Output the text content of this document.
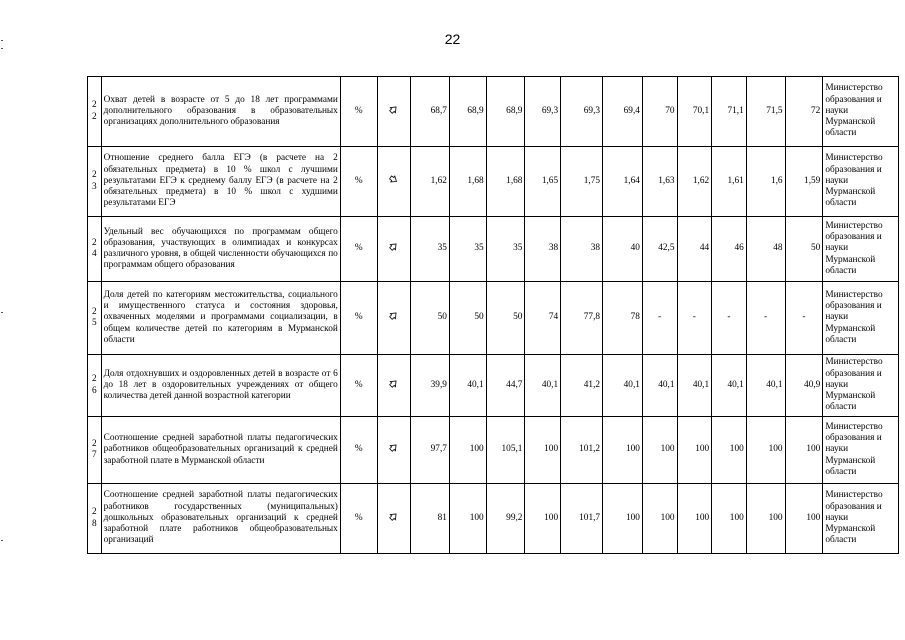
22
2 2	Охват детей в возрасте от 5 до 18 лет программами дополнительного образования в образовательных организациях дополнительного образования	%		68,7	68,9	68,9	69,3	69,3	69,4	70	70,1	71,1	71,5	72	Министерство образования и науки Мурманской области
2 3	Отношение среднего балла ЕГЭ (в расчете на 2 обязательных предмета) в 10 % школ с лучшими результатами ЕГЭ к среднему баллу ЕГЭ (в расчете на 2 обязательных предмета) в 10 % школ с худшими результатами ЕГЭ	%		1,62	1,68	1,68	1,65	1,75	1,64	1,63	1,62	1,61	1,6	1,59	Министерство образования и науки Мурманской области
2 4	Удельный вес обучающихся по программам общего образования, участвующих в олимпиадах и конкурсах различного уровня, в общей численности обучающихся по программам общего образования	%		35	35	35	38	38	40	42,5	44	46	48	50	Министерство образования и науки Мурманской области
2 5	Доля детей по категориям местожительства, социального и имущественного статуса и состояния здоровья, охваченных моделями и программами социализации, в общем количестве детей по категориям в Мурманской области	%		50	50	50	74	77,8	78	-	-	-	-	-	Министерство образования и науки Мурманской области
2 6	Доля отдохнувших и оздоровленных детей в возрасте от 6 до 18 лет в оздоровительных учреждениях от общего количества детей данной возрастной категории	%		39,9	40,1	44,7	40,1	41,2	40,1	40,1	40,1	40,1	40,1	40,9	Министерство образования и науки Мурманской области
2 7	Соотношение средней заработной платы педагогических работников общеобразовательных организаций к средней заработной плате в Мурманской области	%		97,7	100	105,1	100	101,2	100	100	100	100	100	100	Министерство образования и науки Мурманской области
2 8	Соотношение средней заработной платы педагогических работников государственных (муниципальных) дошкольных образовательных организаций к средней заработной плате работников общеобразовательных организаций	%		81	100	99,2	100	101,7	100	100	100	100	100	100	Министерство образования и науки Мурманской области
